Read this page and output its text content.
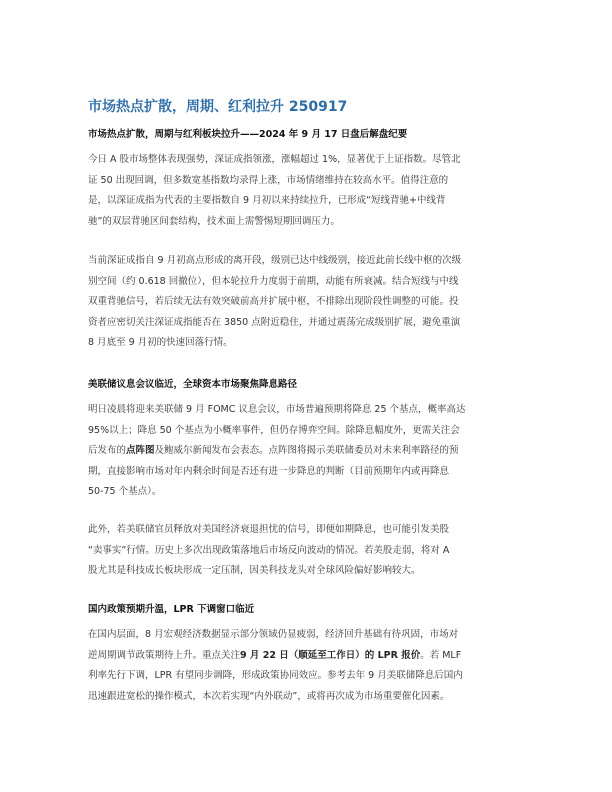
市场热点扩散，周期、红利拉升 250917
市场热点扩散，周期与红利板块拉升——2024 年 9 月 17 日盘后解盘纪要
今日 A 股市场整体表现强势，深证成指领涨，涨幅超过 1%，显著优于上证指数。尽管北
证 50 出现回调，但多数宽基指数均录得上涨，市场情绪维持在较高水平。值得注意的
是，以深证成指为代表的主要指数自 9 月初以来持续拉升，已形成“短线背驰+中线背
驰”的双层背驰区间套结构，技术面上需警惕短期回调压力。
当前深证成指自 9 月初高点形成的离开段，级别已达中线级别，接近此前长线中枢的次级
别空间（约 0.618 回撤位），但本轮拉升力度弱于前期，动能有所衰减。结合短线与中线
双重背驰信号，若后续无法有效突破前高并扩展中枢，不排除出现阶段性调整的可能。投
资者应密切关注深证成指能否在 3850 点附近稳住，并通过震荡完成级别扩展，避免重演
8 月底至 9 月初的快速回落行情。
美联储议息会议临近，全球资本市场聚焦降息路径
明日凌晨将迎来美联储 9 月 FOMC 议息会议，市场普遍预期将降息 25 个基点，概率高达
95%以上；降息 50 个基点为小概率事件，但仍存博弈空间。除降息幅度外，更需关注会
后发布的点阵图及鲍威尔新闻发布会表态。点阵图将揭示美联储委员对未来利率路径的预
期，直接影响市场对年内剩余时间是否还有进一步降息的判断（目前预期年内或再降息
50-75 个基点）。
此外，若美联储官员释放对美国经济衰退担忧的信号，即便如期降息，也可能引发美股
“卖事实”行情。历史上多次出现政策落地后市场反向波动的情况。若美股走弱，将对 A
股尤其是科技成长板块形成一定压制，因美科技龙头对全球风险偏好影响较大。
国内政策预期升温，LPR 下调窗口临近
在国内层面，8 月宏观经济数据显示部分领域仍显疲弱，经济回升基础有待巩固，市场对
逆周期调节政策期待上升。重点关注9 月 22 日（顺延至工作日）的 LPR 报价。若 MLF
利率先行下调，LPR 有望同步调降，形成政策协同效应。参考去年 9 月美联储降息后国内
迅速跟进宽松的操作模式，本次若实现“内外联动”，或将再次成为市场重要催化因素。
